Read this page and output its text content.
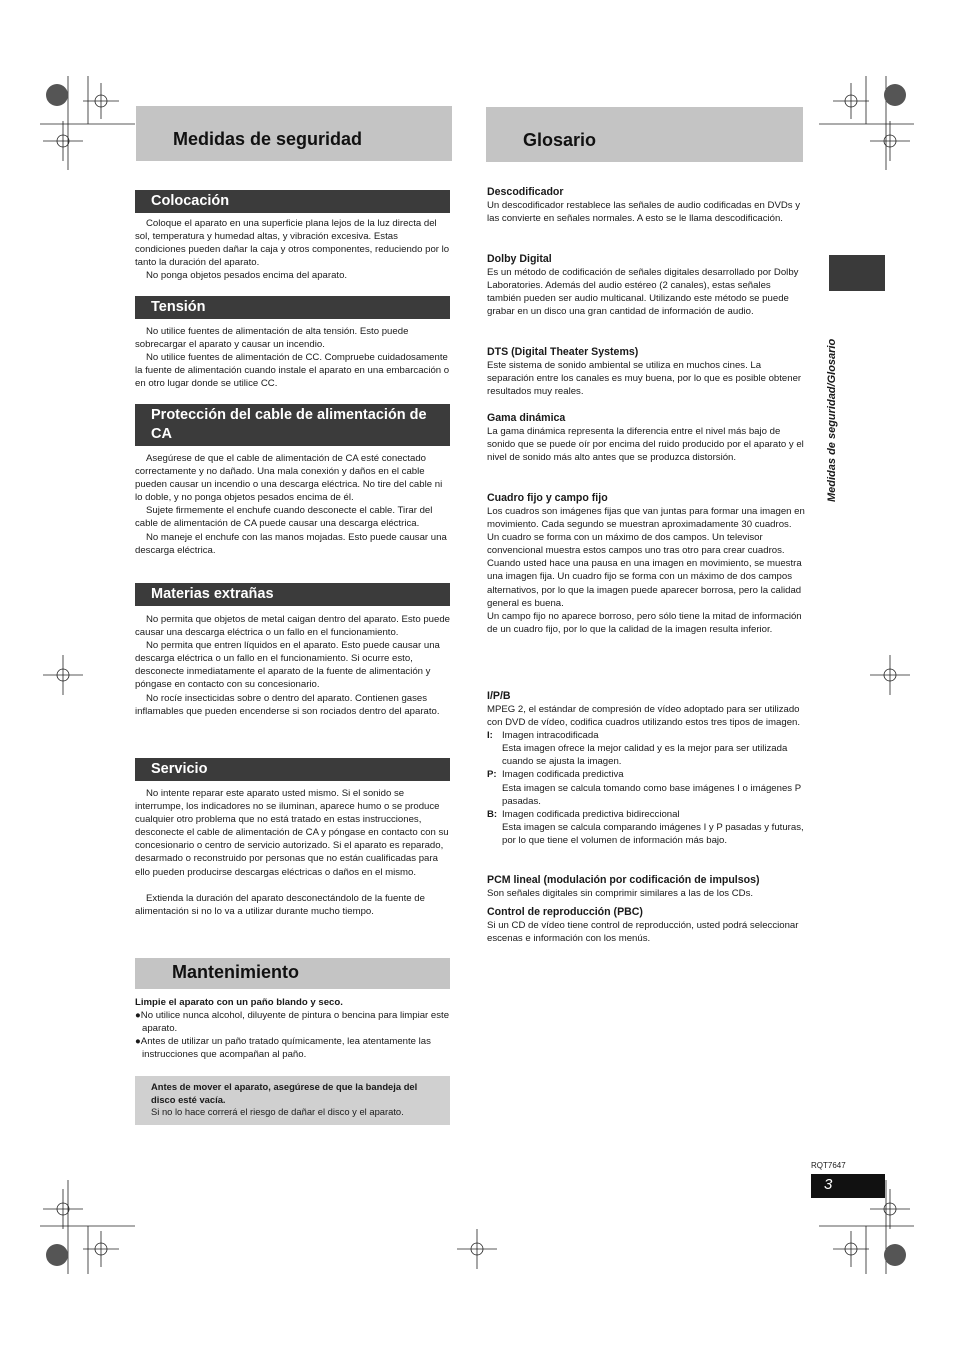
Medidas de seguridad
Colocación

Coloque el aparato en una superficie plana lejos de la luz directa del sol, temperatura y humedad altas, y vibración excesiva. Estas condiciones pueden dañar la caja y otros componentes, reduciendo por lo tanto la duración del aparato.

No ponga objetos pesados encima del aparato.

Tensión

No utilice fuentes de alimentación de alta tensión. Esto puede sobrecargar el aparato y causar un incendio.

No utilice fuentes de alimentación de CC. Compruebe cuidadosamente la fuente de alimentación cuando instale el aparato en una embarcación o en otro lugar donde se utilice CC.

Protección del cable de alimentación de CA

Asegúrese de que el cable de alimentación de CA esté conectado correctamente y no dañado. Una mala conexión y daños en el cable pueden causar un incendio o una descarga eléctrica. No tire del cable ni lo doble, y no ponga objetos pesados encima de él.

Sujete firmemente el enchufe cuando desconecte el cable. Tirar del cable de alimentación de CA puede causar una descarga eléctrica.

No maneje el enchufe con las manos mojadas. Esto puede causar una descarga eléctrica.

Materias extrañas

No permita que objetos de metal caigan dentro del aparato. Esto puede causar una descarga eléctrica o un fallo en el funcionamiento.

No permita que entren líquidos en el aparato. Esto puede causar una descarga eléctrica o un fallo en el funcionamiento. Si ocurre esto, desconecte inmediatamente el aparato de la fuente de alimentación y póngase en contacto con su concesionario.

No rocíe insecticidas sobre o dentro del aparato. Contienen gases inflamables que pueden encenderse si son rociados dentro del aparato.

Servicio

No intente reparar este aparato usted mismo. Si el sonido se interrumpe, los indicadores no se iluminan, aparece humo o se produce cualquier otro problema que no está tratado en estas instrucciones, desconecte el cable de alimentación de CA y póngase en contacto con su concesionario o centro de servicio autorizado. Si el aparato es reparado, desarmado o reconstruido por personas que no están cualificadas para ello pueden producirse descargas eléctricas o daños en el mismo.

Extienda la duración del aparato desconectándolo de la fuente de alimentación si no lo va a utilizar durante mucho tiempo.

Mantenimiento

Limpie el aparato con un paño blando y seco.

●No utilice nunca alcohol, diluyente de pintura o bencina para limpiar este aparato.

●Antes de utilizar un paño tratado químicamente, lea atentamente las instrucciones que acompañan al paño.

Antes de mover el aparato, asegúrese de que la bandeja del disco esté vacía.
Si no lo hace correrá el riesgo de dañar el disco y el aparato.
Glosario

Descodificador

Un descodificador restablece las señales de audio codificadas en DVDs y las convierte en señales normales. A esto se le llama descodificación.

Dolby Digital

Es un método de codificación de señales digitales desarrollado por Dolby Laboratories. Además del audio estéreo (2 canales), estas señales también pueden ser audio multicanal. Utilizando este método se puede grabar en un disco una gran cantidad de información de audio.

DTS (Digital Theater Systems)

Este sistema de sonido ambiental se utiliza en muchos cines. La separación entre los canales es muy buena, por lo que es posible obtener resultados muy reales.

Gama dinámica

La gama dinámica representa la diferencia entre el nivel más bajo de sonido que se puede oír por encima del ruido producido por el aparato y el nivel de sonido más alto antes que se produzca distorsión.

Cuadro fijo y campo fijo

Los cuadros son imágenes fijas que van juntas para formar una imagen en movimiento. Cada segundo se muestran aproximadamente 30 cuadros.

Un cuadro se forma con un máximo de dos campos. Un televisor convencional muestra estos campos uno tras otro para crear cuadros.

Cuando usted hace una pausa en una imagen en movimiento, se muestra una imagen fija. Un cuadro fijo se forma con un máximo de dos campos alternativos, por lo que la imagen puede aparecer borrosa, pero la calidad general es buena.

Un campo fijo no aparece borroso, pero sólo tiene la mitad de información de un cuadro fijo, por lo que la calidad de la imagen resulta inferior.

I/P/B

MPEG 2, el estándar de compresión de vídeo adoptado para ser utilizado con DVD de vídeo, codifica cuadros utilizando estos tres tipos de imagen.

I: Imagen intracodificada
Esta imagen ofrece la mejor calidad y es la mejor para ser utilizada cuando se ajusta la imagen.
P: Imagen codificada predictiva
Esta imagen se calcula tomando como base imágenes I o imágenes P pasadas.
B: Imagen codificada predictiva bidireccional
Esta imagen se calcula comparando imágenes I y P pasadas y futuras, por lo que tiene el volumen de información más bajo.

PCM lineal (modulación por codificación de impulsos)

Son señales digitales sin comprimir similares a las de los CDs.

Control de reproducción (PBC)

Si un CD de vídeo tiene control de reproducción, usted podrá seleccionar escenas e información con los menús.

Medidas de seguridad/Glosario
RQT7647
3
